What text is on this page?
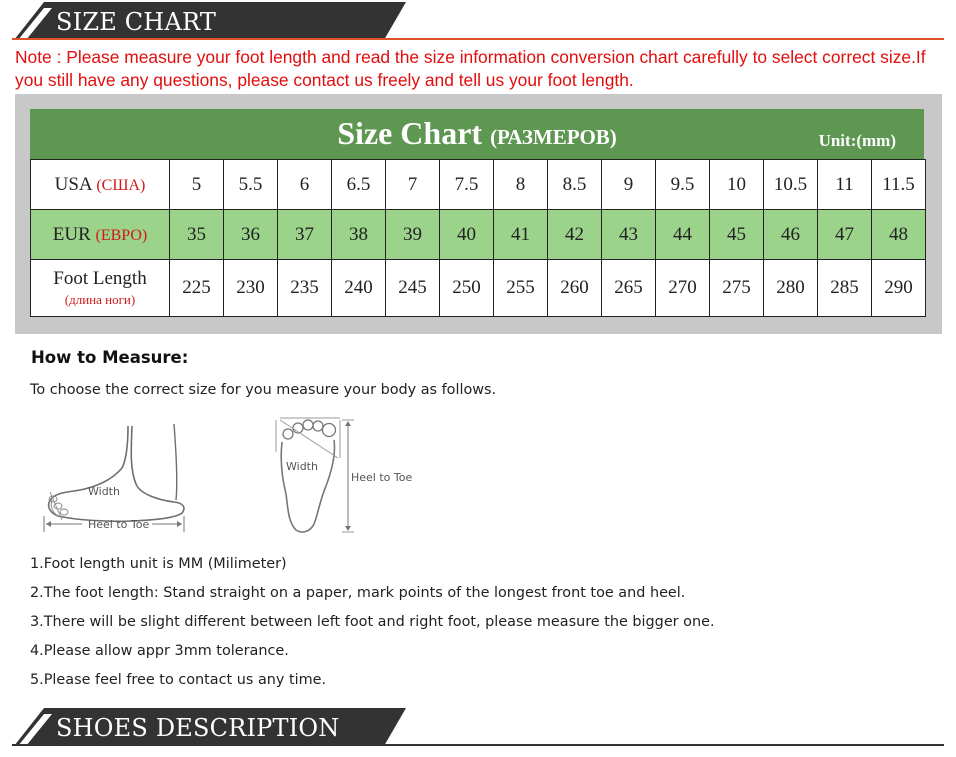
SIZE CHART
Note : Please measure your foot length and read the size information conversion chart carefully to select correct size.If you still have any questions, please contact us freely and tell us your foot length.
Size Chart (РАЗМЕРОВ)	Unit:(mm)
USA (США)	5	5.5	6	6.5	7	7.5	8	8.5	9	9.5	10	10.5	11	11.5
EUR (ЕВРО)	35	36	37	38	39	40	41	42	43	44	45	46	47	48

Foot Length
(длина ноги)	225	230	235	240	245	250	255	260	265	270	275	280	285	290
How to Measure:
To choose the correct size for you measure your body as follows.
Width
Heel to Toe
Width
Heel to Toe
1.Foot length unit is MM (Milimeter)
2.The foot length: Stand straight on a paper, mark points of the longest front toe and heel.
3.There will be slight different between left foot and right foot, please measure the bigger one.
4.Please allow appr 3mm tolerance.
5.Please feel free to contact us any time.
SHOES DESCRIPTION
